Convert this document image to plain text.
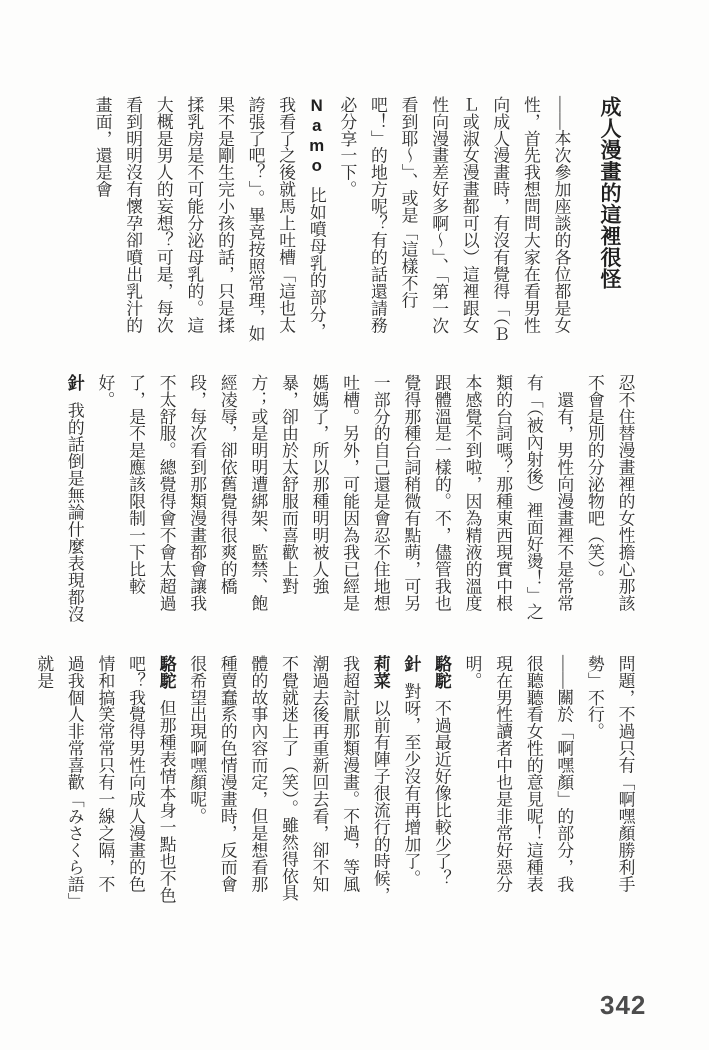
成人漫畫的這裡很怪

——本次參加座談的各位都是女性，首先我想問問大家在看男性向成人漫畫時，有沒有覺得「（ＢＬ或淑女漫畫都可以）這裡跟女性向漫畫差好多啊～」、「第一次看到耶～」、或是「這樣不行吧！」的地方呢？有的話還請務必分享一下。

Namo比如噴母乳的部分，我看了之後就馬上吐槽「這也太誇張了吧？」。畢竟按照常理，如果不是剛生完小孩的話，只是揉揉乳房是不可能分泌母乳的。這大概是男人的妄想？可是，每次看到明明沒有懷孕卻噴出乳汁的畫面，還是會

忍不住替漫畫裡的女性擔心那該不會是別的分泌物吧（笑）。

還有，男性向漫畫裡不是常常有「（被內射後）裡面好燙！」之類的台詞嗎？那種東西現實中根本感覺不到啦，因為精液的溫度跟體溫是一樣的。不，儘管我也覺得那種台詞稍微有點萌，可另一部分的自己還是會忍不住地想吐槽。另外，可能因為我已經是媽媽了，所以那種明明被人強暴，卻由於太舒服而喜歡上對方；或是明明遭綁架、監禁、飽經凌辱，卻依舊覺得很爽的橋段，每次看到那類漫畫都會讓我不太舒服。總覺得會不會太超過了，是不是應該限制一下比較好。

針我的話倒是無論什麼表現都沒

問題，不過只有「啊嘿顏勝利手勢」不行。

——關於「啊嘿顏」的部分，我很聽聽看女性的意見呢！這種表現在男性讀者中也是非常好惡分明。

駱駝不過最近好像比較少了？

針對呀，至少沒有再增加了。

莉菜以前有陣子很流行的時候，我超討厭那類漫畫。不過，等風潮過去後再重新回去看，卻不知不覺就迷上了（笑）。雖然得依具體的故事內容而定，但是想看那種賣蠢系的色情漫畫時，反而會很希望出現啊嘿顏呢。

駱駝但那種表情本身一點也不色吧？我覺得男性向成人漫畫的色情和搞笑常常只有一線之隔，不過我個人非常喜歡「みさくら語」就是

342
